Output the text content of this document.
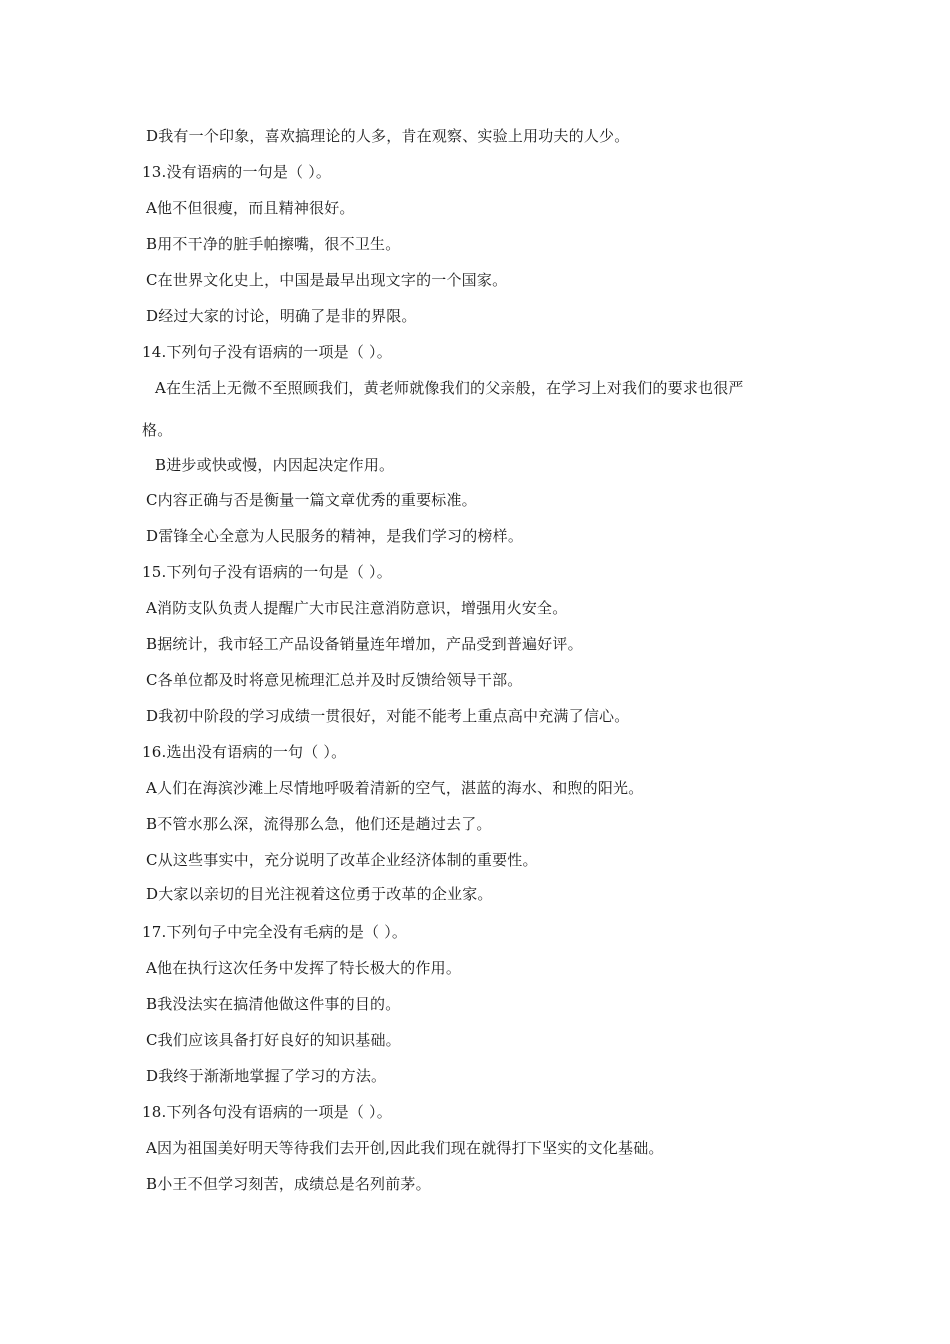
D我有一个印象，喜欢搞理论的人多，肯在观察、实验上用功夫的人少。
13.没有语病的一句是（ ）。
A他不但很瘦，而且精神很好。
B用不干净的脏手帕擦嘴，很不卫生。
C在世界文化史上，中国是最早出现文字的一个国家。
D经过大家的讨论，明确了是非的界限。
14.下列句子没有语病的一项是（ ）。
A在生活上无微不至照顾我们，黄老师就像我们的父亲般，在学习上对我们的要求也很严
格。
B进步或快或慢，内因起决定作用。
C内容正确与否是衡量一篇文章优秀的重要标准。
D雷锋全心全意为人民服务的精神，是我们学习的榜样。
15.下列句子没有语病的一句是（ ）。
A消防支队负责人提醒广大市民注意消防意识，增强用火安全。
B据统计，我市轻工产品设备销量连年增加，产品受到普遍好评。
C各单位都及时将意见梳理汇总并及时反馈给领导干部。
D我初中阶段的学习成绩一贯很好，对能不能考上重点高中充满了信心。
16.选出没有语病的一句（ ）。
A人们在海滨沙滩上尽情地呼吸着清新的空气，湛蓝的海水、和煦的阳光。
B不管水那么深，流得那么急，他们还是趟过去了。
C从这些事实中，充分说明了改革企业经济体制的重要性。
D大家以亲切的目光注视着这位勇于改革的企业家。
17.下列句子中完全没有毛病的是（ ）。
A他在执行这次任务中发挥了特长极大的作用。
B我没法实在搞清他做这件事的目的。
C我们应该具备打好良好的知识基础。
D我终于渐渐地掌握了学习的方法。
18.下列各句没有语病的一项是（ ）。
A因为祖国美好明天等待我们去开创,因此我们现在就得打下坚实的文化基础。
B小王不但学习刻苦，成绩总是名列前茅。
